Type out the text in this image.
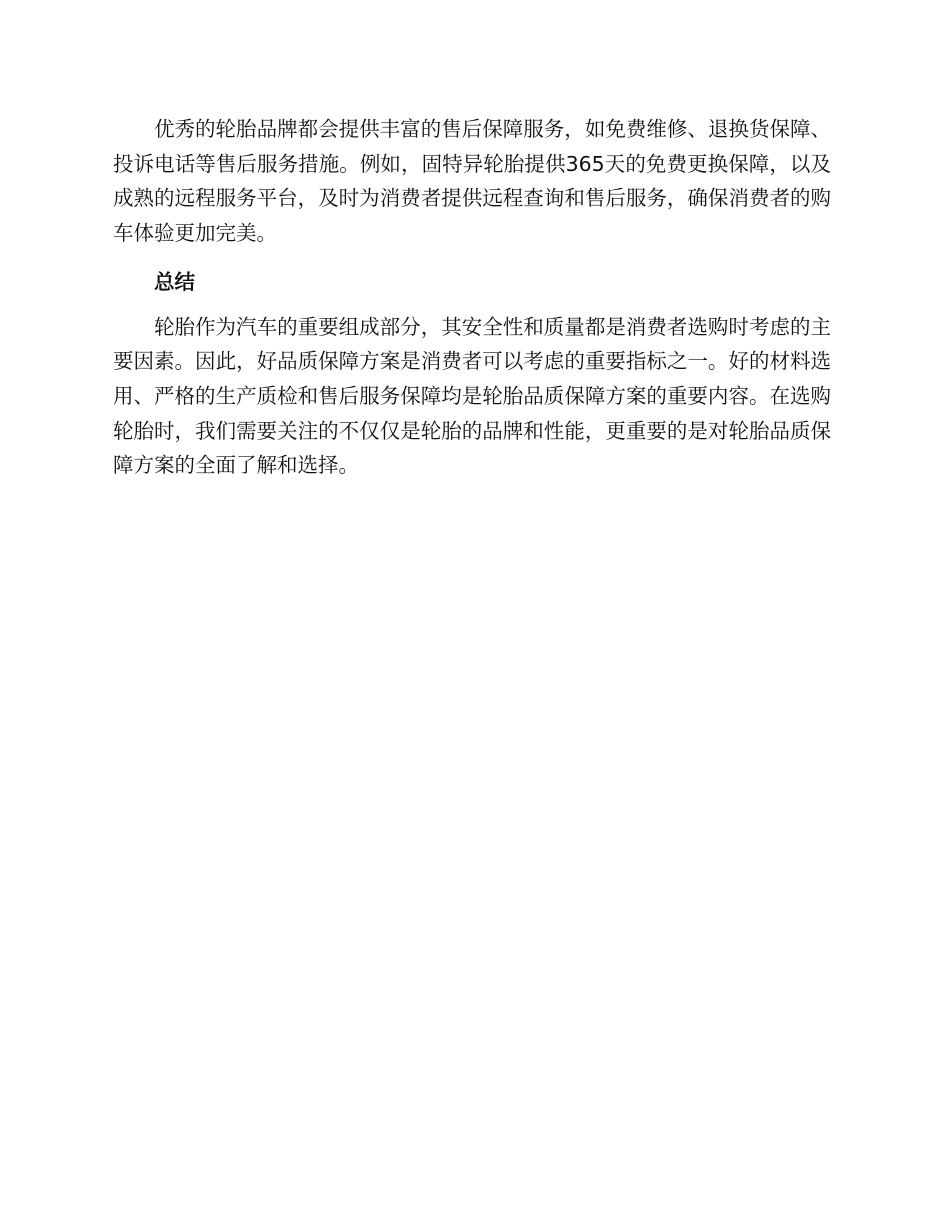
优秀的轮胎品牌都会提供丰富的售后保障服务，如免费维修、退换货保障、投诉电话等售后服务措施。例如，固特异轮胎提供365天的免费更换保障，以及成熟的远程服务平台，及时为消费者提供远程查询和售后服务，确保消费者的购车体验更加完美。

总结

轮胎作为汽车的重要组成部分，其安全性和质量都是消费者选购时考虑的主要因素。因此，好品质保障方案是消费者可以考虑的重要指标之一。好的材料选用、严格的生产质检和售后服务保障均是轮胎品质保障方案的重要内容。在选购轮胎时，我们需要关注的不仅仅是轮胎的品牌和性能，更重要的是对轮胎品质保障方案的全面了解和选择。
